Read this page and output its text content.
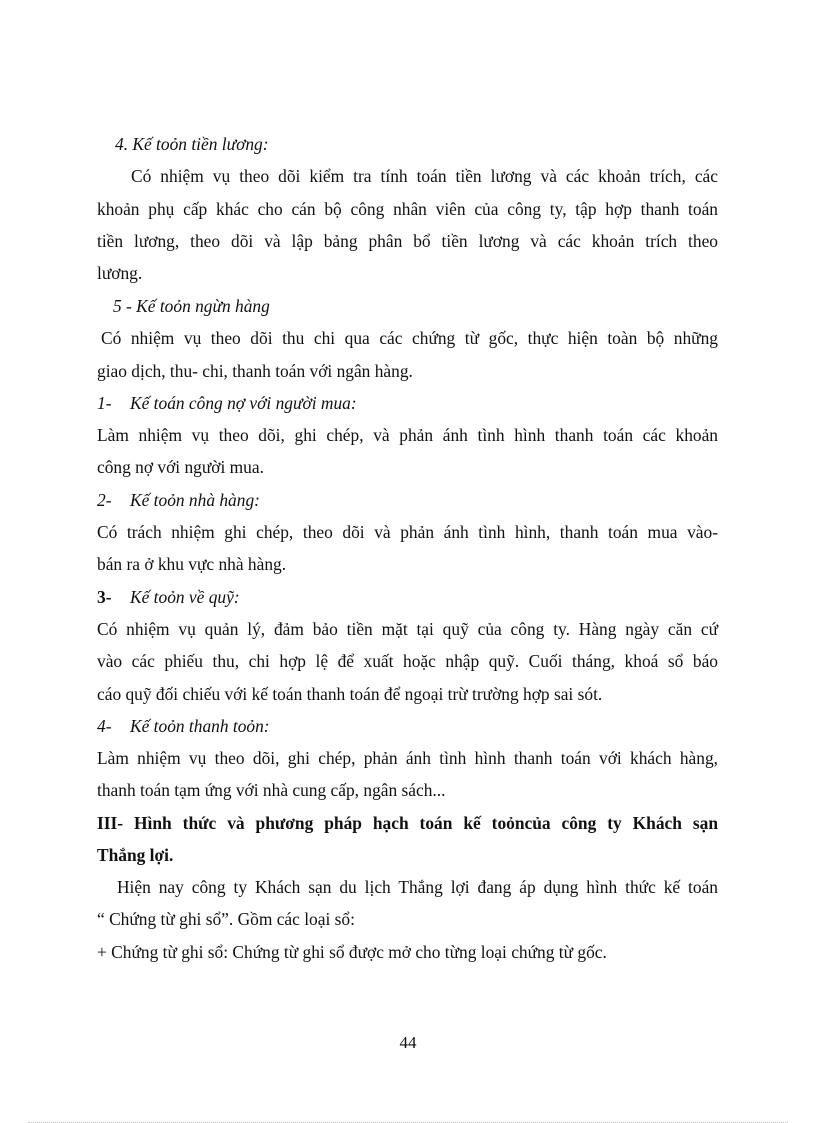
4. Kế toỏn tiền lương:
Có nhiệm vụ theo dõi kiểm tra tính toán tiền lương và các khoản trích, các
khoản phụ cấp khác cho cán bộ công nhân viên của công ty, tập hợp thanh toán
tiền lương, theo dõi và lập bảng phân bổ tiền lương và các khoản trích theo
lương.
5 - Kế toỏn ngừn hàng
Có nhiệm vụ theo dõi thu chi qua các chứng từ gốc, thực hiện toàn bộ những
giao dịch, thu- chi, thanh toán với ngân hàng.
1- Kế toán công nợ với người mua:
Làm nhiệm vụ theo dõi, ghi chép, và phản ánh tình hình thanh toán các khoản
công nợ với người mua.
2- Kế toỏn nhà hàng:
Có trách nhiệm ghi chép, theo dõi và phản ánh tình hình, thanh toán mua vào-
bán ra ở khu vực nhà hàng.
3- Kế toỏn về quỹ:
Có nhiệm vụ quản lý, đảm bảo tiền mặt tại quỹ của công ty. Hàng ngày căn cứ
vào các phiếu thu, chi hợp lệ để xuất hoặc nhập quỹ. Cuối tháng, khoá sổ báo
cáo quỹ đối chiếu với kế toán thanh toán để ngoại trừ trường hợp sai sót.
4- Kế toỏn thanh toỏn:
Làm nhiệm vụ theo dõi, ghi chép, phản ánh tình hình thanh toán với khách hàng,
thanh toán tạm ứng với nhà cung cấp, ngân sách...
III- Hình thức và phương pháp hạch toán kế toỏncủa công ty Khách sạn
Thắng lợi.
Hiện nay công ty Khách sạn du lịch Thắng lợi đang áp dụng hình thức kế toán
“ Chứng từ ghi sổ”. Gồm các loại sổ:
+ Chứng từ ghi sổ: Chứng từ ghi sổ được mở cho từng loại chứng từ gốc.
44
